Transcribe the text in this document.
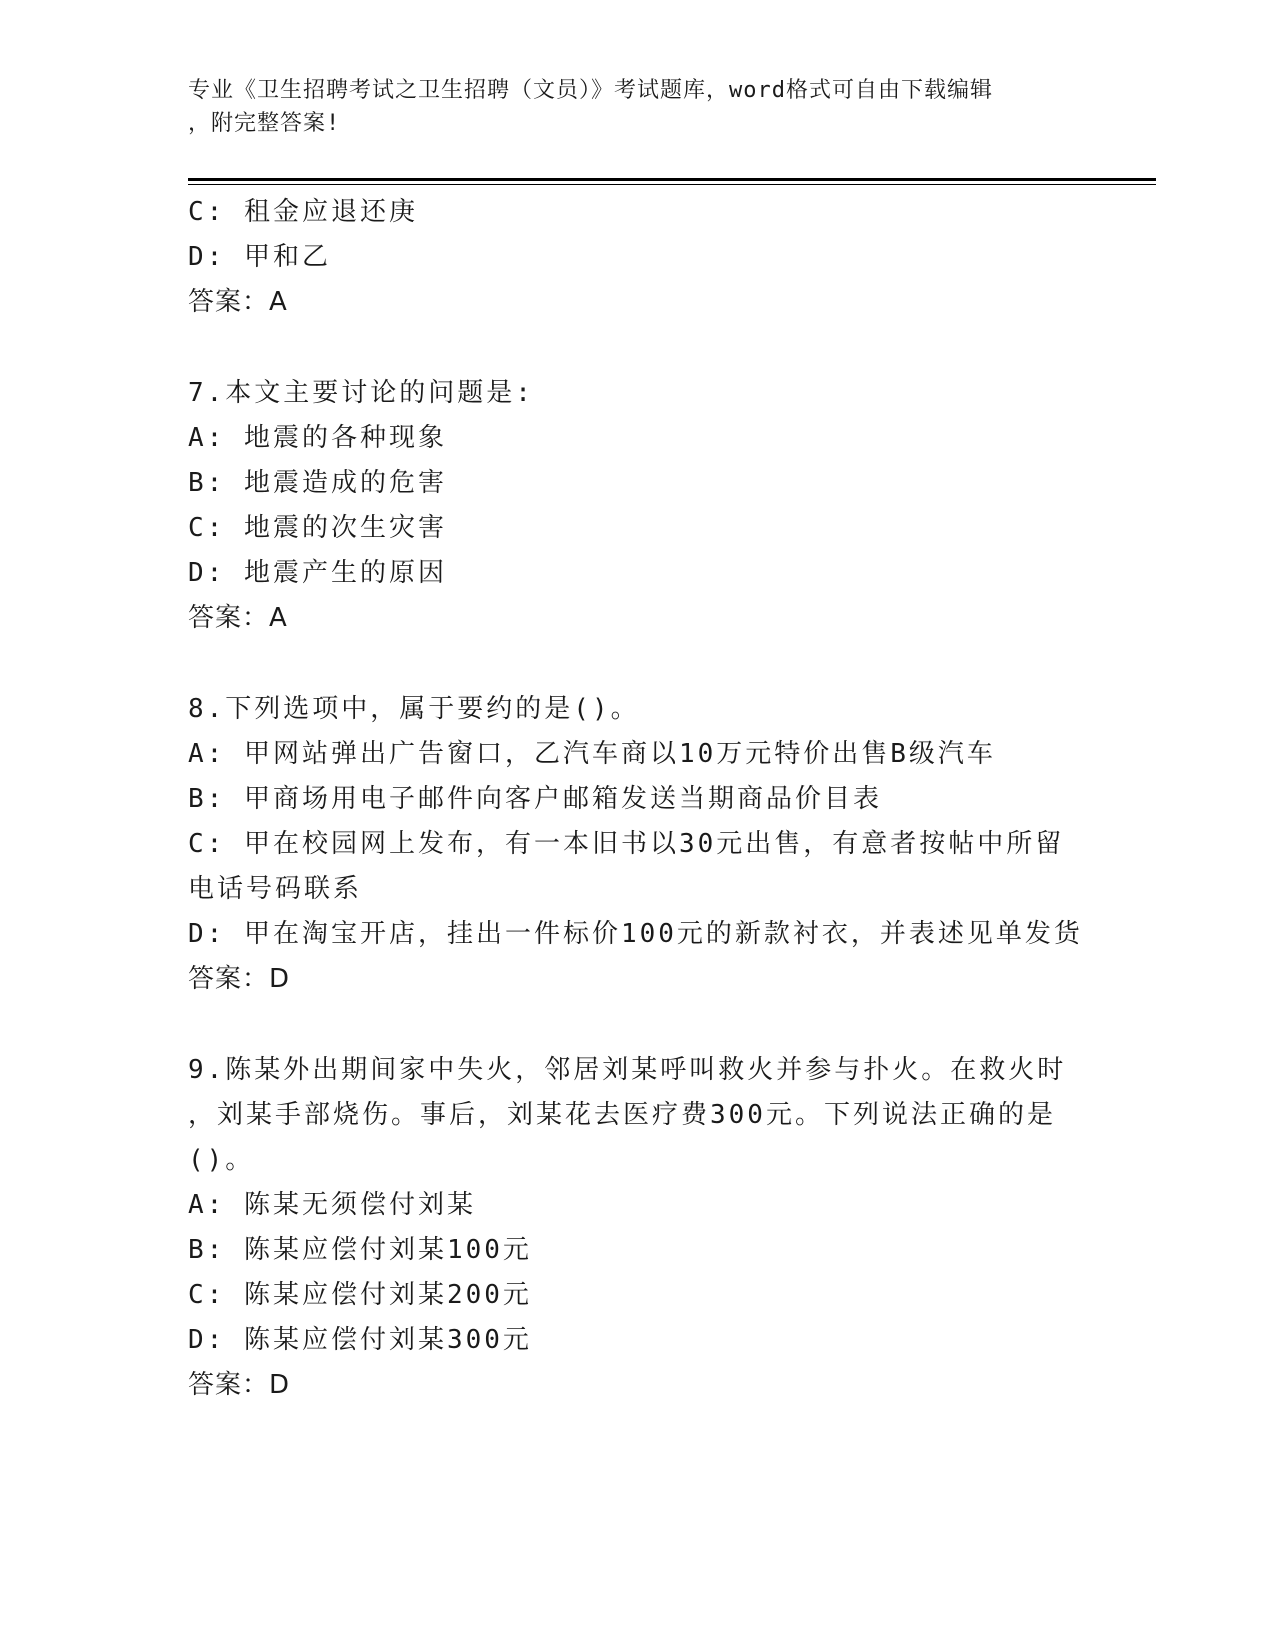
专业《卫生招聘考试之卫生招聘（文员）》考试题库，word格式可自由下载编辑
，附完整答案!
C: 租金应退还庚
D: 甲和乙
答案：A
7.本文主要讨论的问题是:
A: 地震的各种现象
B: 地震造成的危害
C: 地震的次生灾害
D: 地震产生的原因
答案：A
8.下列选项中，属于要约的是()。
A: 甲网站弹出广告窗口，乙汽车商以10万元特价出售B级汽车
B: 甲商场用电子邮件向客户邮箱发送当期商品价目表
C: 甲在校园网上发布，有一本旧书以30元出售，有意者按帖中所留
电话号码联系
D: 甲在淘宝开店，挂出一件标价100元的新款衬衣，并表述见单发货
答案：D
9.陈某外出期间家中失火，邻居刘某呼叫救火并参与扑火。在救火时
，刘某手部烧伤。事后，刘某花去医疗费300元。下列说法正确的是
()。
A: 陈某无须偿付刘某
B: 陈某应偿付刘某100元
C: 陈某应偿付刘某200元
D: 陈某应偿付刘某300元
答案：D
